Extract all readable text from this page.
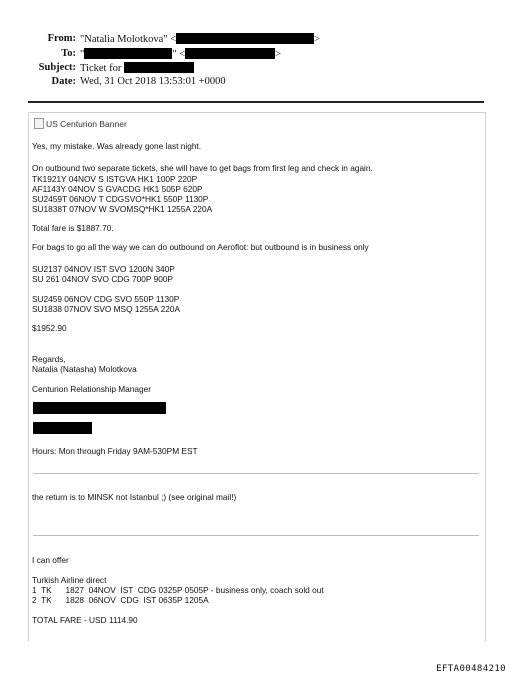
From: "Natalia Molotkova" <	>
To: "	" <	>
Subject: Ticket for
Date: Wed, 31 Oct 2018 13:53:01 +0000
US Centurion Banner
Yes, my mistake. Was already gone last night.
On outbound two separate tickets, she will have to get bags from first leg and check in again.
TK1921Y 04NOV S ISTGVA HK1 100P 220P
AF1143Y 04NOV S GVACDG HK1 505P 620P
SU2459T 06NOV T CDGSVO*HK1 550P 1130P
SU1838T 07NOV W SVOMSQ*HK1 1255A 220A
Total fare is $1887.70.
For bags to go all the way we can do outbound on Aeroflot: but outbound is in business only
SU2137 04NOV IST SVO 1200N 340P
SU 261 04NOV SVO CDG 700P 900P
SU2459 06NOV CDG SVO 550P 1130P
SU1838 07NOV SVO MSQ 1255A 220A
$1952.90
Regards,
Natalia (Natasha) Molotkova
Centurion Relationship Manager
Hours: Mon through Friday 9AM-530PM EST
the return is to MINSK not Istanbul ;) (see original mail!)
I can offer
Turkish Airline direct
1  TK      1827  04NOV  IST  CDG 0325P 0505P - business only, coach sold out
2  TK      1828  06NOV  CDG  IST 0635P 1205A
TOTAL FARE - USD 1114.90
EFTA00484210
